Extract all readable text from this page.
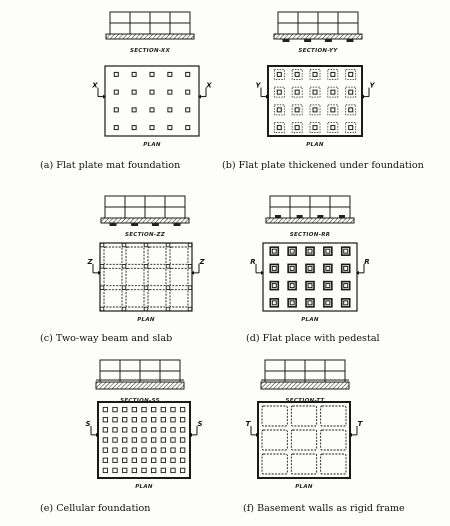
SECTION-XX
X	X
PLAN
(a) Flat plate mat foundation
SECTION-YY
Y	Y
PLAN
(b) Flat plate thickened under foundation
SECTION-ZZ
Z	Z
PLAN
(c) Two-way beam and slab
SECTION-RR
R	R
PLAN
(d) Flat place with pedestal
SECTION-SS
S	S
PLAN
(e) Cellular foundation
SECTION-TT
T	T
PLAN
(f) Basement walls as rigid frame
